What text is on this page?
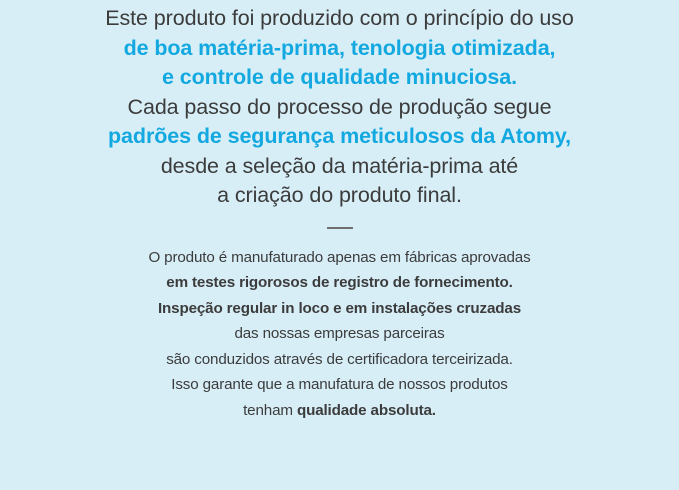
Este produto foi produzido com o princípio do uso
de boa matéria-prima, tenologia otimizada,
e controle de qualidade minuciosa.
Cada passo do processo de produção segue
padrões de segurança meticulosos da Atomy,
desde a seleção da matéria-prima até
a criação do produto final.
O produto é manufaturado apenas em fábricas aprovadas
em testes rigorosos de registro de fornecimento.
Inspeção regular in loco e em instalações cruzadas
das nossas empresas parceiras
são conduzidos através de certificadora terceirizada.
Isso garante que a manufatura de nossos produtos
tenham qualidade absoluta.
